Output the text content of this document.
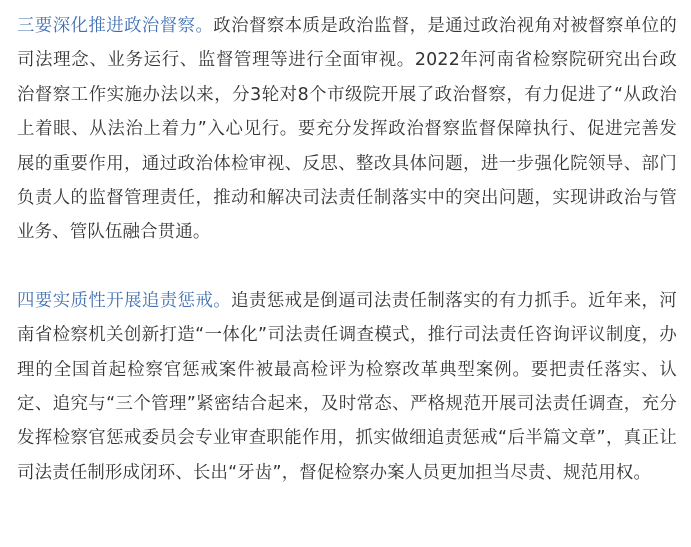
三要深化推进政治督察。政治督察本质是政治监督，是通过政治视角对被督察单位的司法理念、业务运行、监督管理等进行全面审视。2022年河南省检察院研究出台政治督察工作实施办法以来，分3轮对8个市级院开展了政治督察，有力促进了“从政治上着眼、从法治上着力”入心见行。要充分发挥政治督察监督保障执行、促进完善发展的重要作用，通过政治体检审视、反思、整改具体问题，进一步强化院领导、部门负责人的监督管理责任，推动和解决司法责任制落实中的突出问题，实现讲政治与管业务、管队伍融合贯通。

四要实质性开展追责惩戒。追责惩戒是倒逼司法责任制落实的有力抓手。近年来，河南省检察机关创新打造“一体化”司法责任调查模式，推行司法责任咨询评议制度，办理的全国首起检察官惩戒案件被最高检评为检察改革典型案例。要把责任落实、认定、追究与“三个管理”紧密结合起来，及时常态、严格规范开展司法责任调查，充分发挥检察官惩戒委员会专业审查职能作用，抓实做细追责惩戒“后半篇文章”，真正让司法责任制形成闭环、长出“牙齿”，督促检察办案人员更加担当尽责、规范用权。
